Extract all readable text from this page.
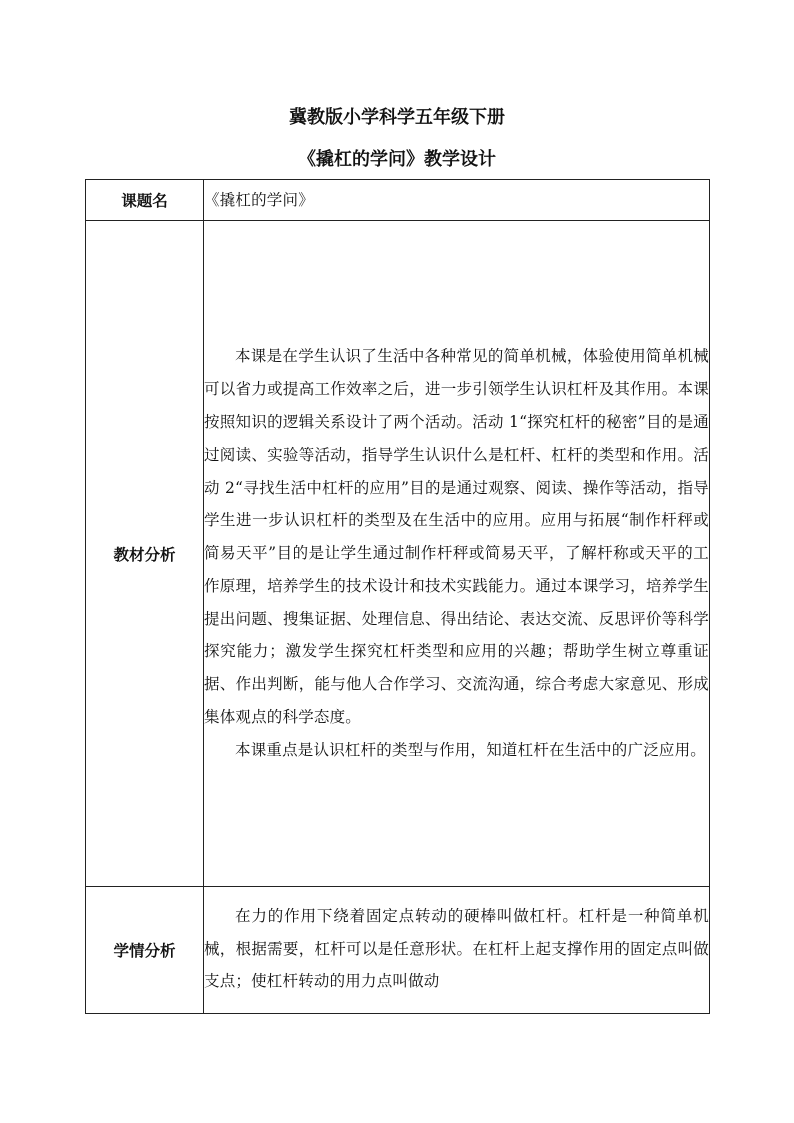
冀教版小学科学五年级下册
《撬杠的学问》教学设计
课题名	《撬杠的学问》
教材分析	本课是在学生认识了生活中各种常见的简单机械，体验使用简单机械可以省力或提高工作效率之后，进一步引领学生认识杠杆及其作用。本课按照知识的逻辑关系设计了两个活动。活动 1“探究杠杆的秘密”目的是通过阅读、实验等活动，指导学生认识什么是杠杆、杠杆的类型和作用。活动 2“寻找生活中杠杆的应用”目的是通过观察、阅读、操作等活动，指导学生进一步认识杠杆的类型及在生活中的应用。应用与拓展“制作杆秤或简易天平”目的是让学生通过制作杆秤或简易天平，了解杆称或天平的工作原理，培养学生的技术设计和技术实践能力。通过本课学习，培养学生提出问题、搜集证据、处理信息、得出结论、表达交流、反思评价等科学探究能力；激发学生探究杠杆类型和应用的兴趣；帮助学生树立尊重证据、作出判断，能与他人合作学习、交流沟通，综合考虑大家意见、形成集体观点的科学态度。

本课重点是认识杠杆的类型与作用，知道杠杆在生活中的广泛应用。

学情分析	在力的作用下绕着固定点转动的硬棒叫做杠杆。杠杆是一种简单机械，根据需要，杠杆可以是任意形状。在杠杆上起支撑作用的固定点叫做支点；使杠杆转动的用力点叫做动
